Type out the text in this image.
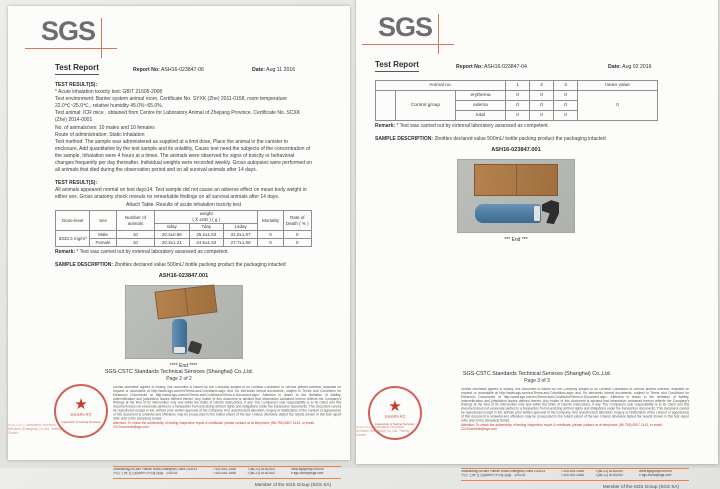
SGS
Test Report	Report No: ASH16-023847-06	Date: Aug 11 2016
TEST RESULT(S):
* Acute inhalation toxicity test: GB/T 21605-2008
Test environment: Barrier system animal room. Certificate No. SYXK (Zhe) 2011-0158, room temperature 22.0℃~25.0℃., relative humidity 45.0%~65.0%.
Test animal: ICR mice , obtained from Centre for Laboratory Animal of Zhejiang Province. Certificate No. SCXK (Zhe) 2014-0001
No. of animals/sex: 10 males and 10 females
Route of administration: Static inhalation
Test method: The sample was administered as supplied at a limit dose, Place the animal in the canister to enclosure, Add quantitative by the test sample and its volatility, Cause test need the subjects of the concentration of the sample, Inhalation were 4 hours at a times. The animals were observed for signs of toxicity or behavioral changes frequently per day thereafter. Individual weights were recorded weekly. Gross autopsies were performed on all animals that died during the observation period and on all survival animals after 14 days.
TEST RESULT(S):
All animals appeared normal on test days14. Test sample did not cause an adverse effect on mean body weight in either sex. Gross anatomy check reveals no remarkable findings on all survival animals after 14 days.
Attach Table. Results of acute inhalation toxicity test
Dose-level	Sex	Number of animals	weight
( X̄ ±SD ) ( g )			Mortality	Rate of Death ( % )
			0day	7day	14day		
8333.3 mg/m³	Male	10	20.3±0.86	25.2±1.03	31.0±1.07	0	0
	Female	10	20.3±1.21	24.6±1.33	27.7±1.08	0	0
Remark: * Test was carried out by external laboratory assessed as competent.
SAMPLE DESCRIPTION: 2bottles declared value 500mL/ bottle packing product the packaging intacted
ASH16-023847.001
**** End ****
SGS-CSTC Standards Technical Services (Shanghai) Co.,Ltd.
Page 2 of 2
★
检验检测专用章
Inspection & Testing Services
SGS-CSTC Standards Technical Services (Shanghai) Co.,Ltd. Testing Center

Unless otherwise agreed in writing, this document is issued by the Company subject to its General Conditions of Service printed overleaf, available on request or accessible at http://www.sgs.com/en/Terms-and-Conditions.aspx and, for electronic format documents, subject to Terms and Conditions for Electronic Documents at http://www.sgs.com/en/Terms-and-Conditions/Terms-e-Document.aspx. Attention is drawn to the limitation of liability, indemnification and jurisdiction issues defined therein. Any holder of this document is advised that information contained hereon reflects the Company's findings at the time of its intervention only and within the limits of Client's instructions, if any. The Company's sole responsibility is to its Client and this document does not exonerate parties to a transaction from exercising all their rights and obligations under the transaction documents. This document cannot be reproduced except in full, without prior written approval of the Company. Any unauthorized alteration, forgery or falsification of the content or appearance of this document is unlawful and offenders may be prosecuted to the fullest extent of the law. Unless otherwise stated the results shown in this test report refer only to the sample(s) tested.

Attention: To check the authenticity of testing /inspection report & certificate, please contact us at telephone: (86-755) 8307 1443, or email: CN.Doccheck@sgs.com

3rdBuilding,No.889 Yishan Road,Shanghai,China 200233	t 400-691-2488	f (86-21) 61402547	www.sgsgroup.com.cn
中国·上海·宜山路889号3号楼 邮编：200233	t 400-691-2488	f (86-21) 61402547	e sgs.china@sgs.com
Member of the SGS Group (SGS SA)
SGS
Test Report	Report No: ASH16-023847-04	Date: Aug 02 2016
Animal no.			1	2	3	mean value
	Control group	erythema	0	0	0	0
		edema	0	0	0	
		total	0	0	0	
Remark: * Test was carried out by external laboratory assessed as competent.
SAMPLE DESCRIPTION: 2bottles declared value 500mL/ bottle packing product the packaging intacted
ASH16-023847.001
*** End ***
SGS-CSTC Standards Technical Services (Shanghai) Co.,Ltd.
Page 3 of 3
★
检验检测专用章
Inspection & Testing Services
SGS-CSTC Standards Technical Services (Shanghai) Co.,Ltd. Testing Center

Unless otherwise agreed in writing, this document is issued by the Company subject to its General Conditions of Service printed overleaf, available on request or accessible at http://www.sgs.com/en/Terms-and-Conditions.aspx and, for electronic format documents, subject to Terms and Conditions for Electronic Documents at http://www.sgs.com/en/Terms-and-Conditions/Terms-e-Document.aspx. Attention is drawn to the limitation of liability, indemnification and jurisdiction issues defined therein. Any holder of this document is advised that information contained hereon reflects the Company's findings at the time of its intervention only and within the limits of Client's instructions, if any. The Company's sole responsibility is to its Client and this document does not exonerate parties to a transaction from exercising all their rights and obligations under the transaction documents. This document cannot be reproduced except in full, without prior written approval of the Company. Any unauthorized alteration, forgery or falsification of the content or appearance of this document is unlawful and offenders may be prosecuted to the fullest extent of the law. Unless otherwise stated the results shown in this test report refer only to the sample(s) tested.

Attention: To check the authenticity of testing /inspection report & certificate, please contact us at telephone: (86-755) 8307 1443, or email: CN.Doccheck@sgs.com

3rdBuilding,No.889 Yishan Road,Shanghai,China 200233	t 400-691-2488	f (86-21) 61402547	www.sgsgroup.com.cn
中国·上海·宜山路889号3号楼 邮编：200233	t 400-691-2488	f (86-21) 61402547	e sgs.china@sgs.com
Member of the SGS Group (SGS SA)
